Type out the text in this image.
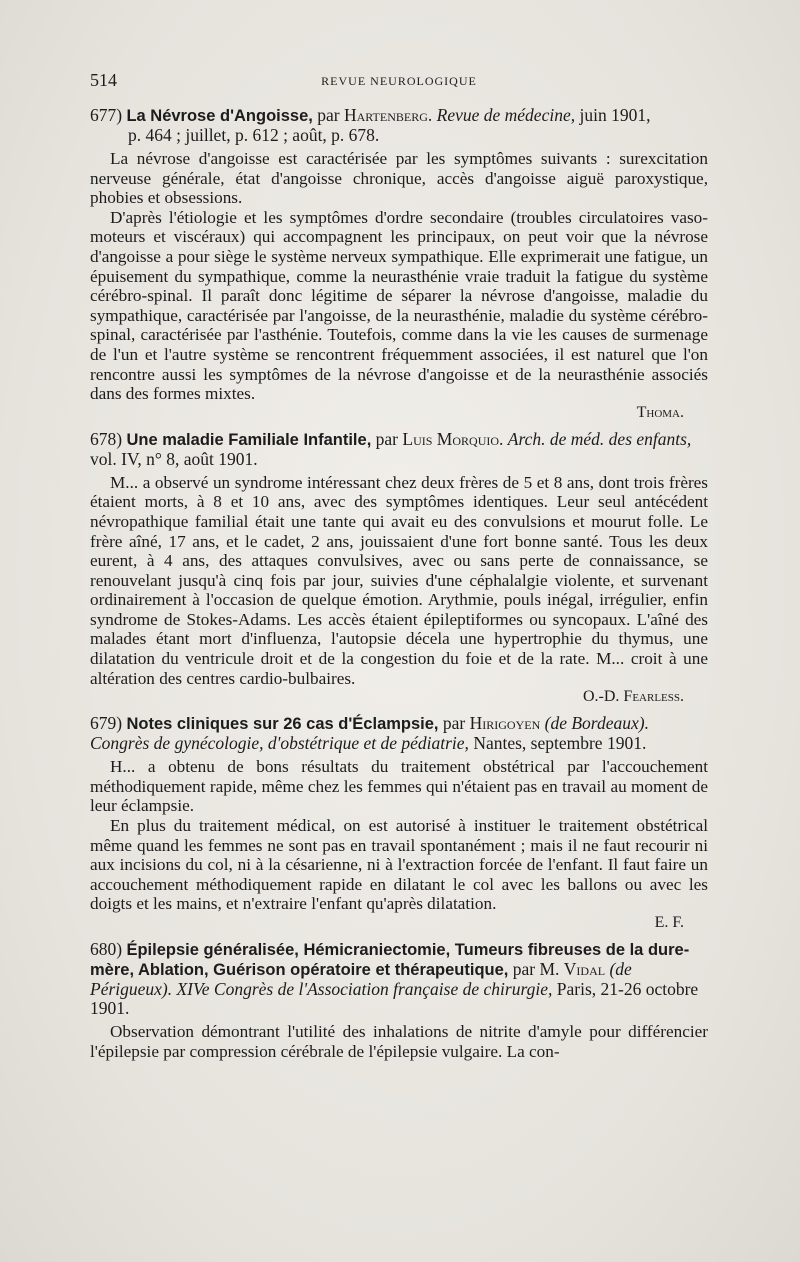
514	REVUE NEUROLOGIQUE

677) La Névrose d'Angoisse, par Hartenberg. Revue de médecine, juin 1901,
p. 464 ; juillet, p. 612 ; août, p. 678.

La névrose d'angoisse est caractérisée par les symptômes suivants : surexcitation nerveuse générale, état d'angoisse chronique, accès d'angoisse aiguë paroxystique, phobies et obsessions.

D'après l'étiologie et les symptômes d'ordre secondaire (troubles circulatoires vaso-moteurs et viscéraux) qui accompagnent les principaux, on peut voir que la névrose d'angoisse a pour siège le système nerveux sympathique. Elle exprimerait une fatigue, un épuisement du sympathique, comme la neurasthénie vraie traduit la fatigue du système cérébro-spinal. Il paraît donc légitime de séparer la névrose d'angoisse, maladie du sympathique, caractérisée par l'angoisse, de la neurasthénie, maladie du système cérébro-spinal, caractérisée par l'asthénie. Toutefois, comme dans la vie les causes de surmenage de l'un et l'autre système se rencontrent fréquemment associées, il est naturel que l'on rencontre aussi les symptômes de la névrose d'angoisse et de la neurasthénie associés dans des formes mixtes.

Thoma.

678) Une maladie Familiale Infantile, par Luis Morquio. Arch. de méd. des enfants, vol. IV, n° 8, août 1901.

M... a observé un syndrome intéressant chez deux frères de 5 et 8 ans, dont trois frères étaient morts, à 8 et 10 ans, avec des symptômes identiques. Leur seul antécédent névropathique familial était une tante qui avait eu des convulsions et mourut folle. Le frère aîné, 17 ans, et le cadet, 2 ans, jouissaient d'une fort bonne santé. Tous les deux eurent, à 4 ans, des attaques convulsives, avec ou sans perte de connaissance, se renouvelant jusqu'à cinq fois par jour, suivies d'une céphalalgie violente, et survenant ordinairement à l'occasion de quelque émotion. Arythmie, pouls inégal, irrégulier, enfin syndrome de Stokes-Adams. Les accès étaient épileptiformes ou syncopaux. L'aîné des malades étant mort d'influenza, l'autopsie décela une hypertrophie du thymus, une dilatation du ventricule droit et de la congestion du foie et de la rate. M... croit à une altération des centres cardio-bulbaires.

O.-D. Fearless.

679) Notes cliniques sur 26 cas d'Éclampsie, par Hirigoyen (de Bordeaux). Congrès de gynécologie, d'obstétrique et de pédiatrie, Nantes, septembre 1901.

H... a obtenu de bons résultats du traitement obstétrical par l'accouchement méthodiquement rapide, même chez les femmes qui n'étaient pas en travail au moment de leur éclampsie.

En plus du traitement médical, on est autorisé à instituer le traitement obstétrical même quand les femmes ne sont pas en travail spontanément ; mais il ne faut recourir ni aux incisions du col, ni à la césarienne, ni à l'extraction forcée de l'enfant. Il faut faire un accouchement méthodiquement rapide en dilatant le col avec les ballons ou avec les doigts et les mains, et n'extraire l'enfant qu'après dilatation.

E. F.

680) Épilepsie généralisée, Hémicraniectomie, Tumeurs fibreuses de la dure-mère, Ablation, Guérison opératoire et thérapeutique, par M. Vidal (de Périgueux). XIVe Congrès de l'Association française de chirurgie, Paris, 21-26 octobre 1901.

Observation démontrant l'utilité des inhalations de nitrite d'amyle pour différencier l'épilepsie par compression cérébrale de l'épilepsie vulgaire. La con-
